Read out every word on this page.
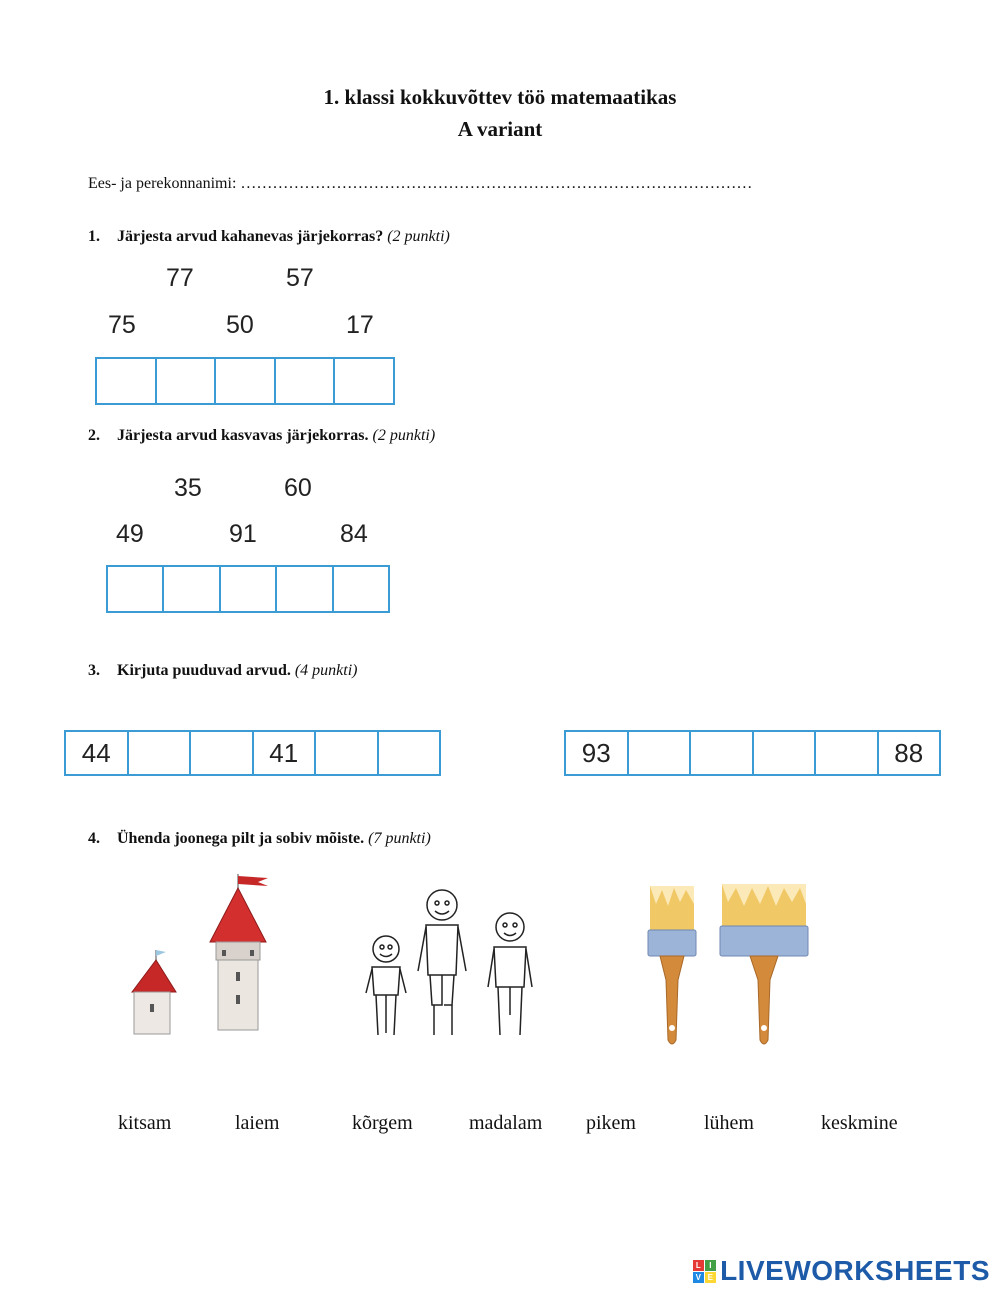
1. klassi kokkuvõttev töö matemaatikas
A variant
Ees- ja perekonnanimi: ……………………………………………………………………………………
1. Järjesta arvud kahanevas järjekorras? (2 punkti)
77	57
75	50	17
2. Järjesta arvud kasvavas järjekorras. (2 punkti)
35	60
49	91	84
3. Kirjuta puuduvad arvud. (4 punkti)
44	41	93	88
4. Ühenda joonega pilt ja sobiv mõiste. (7 punkti)
kitsam	laiem	kõrgem	madalam pikem	lühem	keskmine
L I
V E LIVEWORKSHEETS
